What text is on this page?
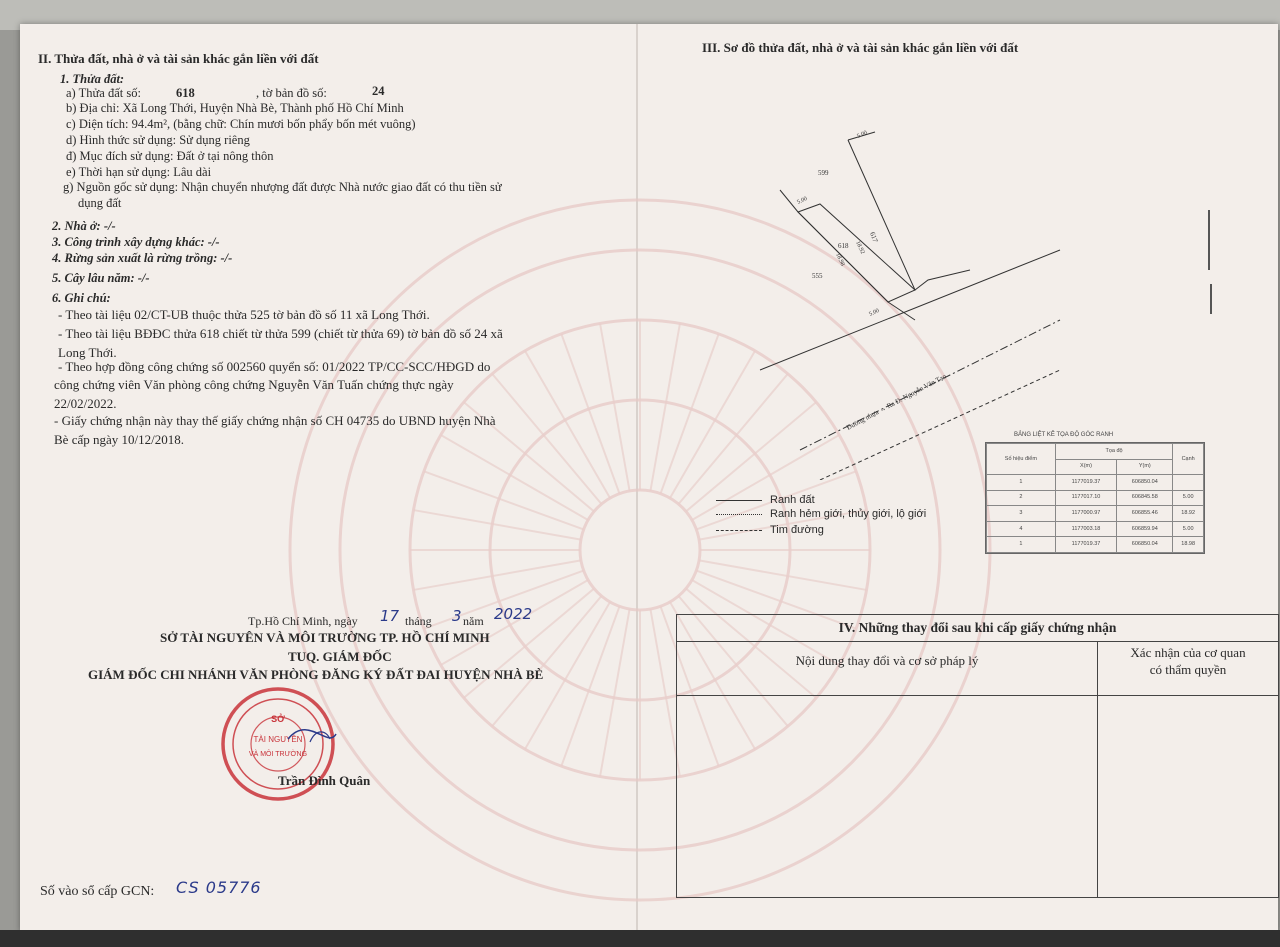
II. Thửa đất, nhà ở và tài sản khác gắn liền với đất
1. Thửa đất:
a) Thửa đất số:	618	, tờ bản đồ số:	24
b) Địa chỉ: Xã Long Thới, Huyện Nhà Bè, Thành phố Hồ Chí Minh
c) Diện tích: 94.4m², (bằng chữ: Chín mươi bốn phẩy bốn mét vuông)
d) Hình thức sử dụng: Sử dụng riêng
đ) Mục đích sử dụng: Đất ở tại nông thôn
e) Thời hạn sử dụng: Lâu dài
g) Nguồn gốc sử dụng: Nhận chuyển nhượng đất được Nhà nước giao đất có thu tiền sử
dụng đất
2. Nhà ở: -/-
3. Công trình xây dựng khác: -/-
4. Rừng sản xuất là rừng trồng: -/-
5. Cây lâu năm: -/-
6. Ghi chú:
- Theo tài liệu 02/CT-UB thuộc thửa 525 tờ bản đồ số 11 xã Long Thới.
- Theo tài liệu BĐĐC thửa 618 chiết từ thửa 599 (chiết từ thửa 69) tờ bản đồ số 24 xã
Long Thới.
- Theo hợp đồng công chứng số 002560 quyển số: 01/2022 TP/CC-SCC/HĐGD do
công chứng viên Văn phòng công chứng Nguyễn Văn Tuấn chứng thực ngày
22/02/2022.
- Giấy chứng nhận này thay thế giấy chứng nhận số CH 04735 do UBND huyện Nhà
Bè cấp ngày 10/12/2018.
Tp.Hồ Chí Minh, ngày 17 tháng 3 năm 2022
SỞ TÀI NGUYÊN VÀ MÔI TRƯỜNG TP. HỒ CHÍ MINH
TUQ. GIÁM ĐỐC
GIÁM ĐỐC CHI NHÁNH VĂN PHÒNG ĐĂNG KÝ ĐẤT ĐAI HUYỆN NHÀ BÈ
SỞ
TÀI NGUYÊN
VÀ MÔI TRƯỜNG
Trần Đình Quân
Số vào sổ cấp GCN: CS 05776
III. Sơ đồ thửa đất, nhà ở và tài sản khác gắn liền với đất
599
618
555
617
5.00
18.92
5.00
18.98
5.00
Đường nhựa → Ra Đ. Nguyễn Văn Tạo
Ranh đất
Ranh hẻm giới, thủy giới, lộ giới
Tim đường
BẢNG LIỆT KÊ TỌA ĐỘ GÓC RANH
Số hiệu điểm	Tọa độ		Cạnh
	X(m)	Y(m)	
1	1177019.37	606850.04	
2	1177017.10	606845.58	5.00
3	1177000.97	606855.46	18.92
4	1177003.18	606859.94	5.00
1	1177019.37	606850.04	18.98
IV. Những thay đổi sau khi cấp giấy chứng nhận
Nội dung thay đổi và cơ sở pháp lý
Xác nhận của cơ quan
có thẩm quyền
